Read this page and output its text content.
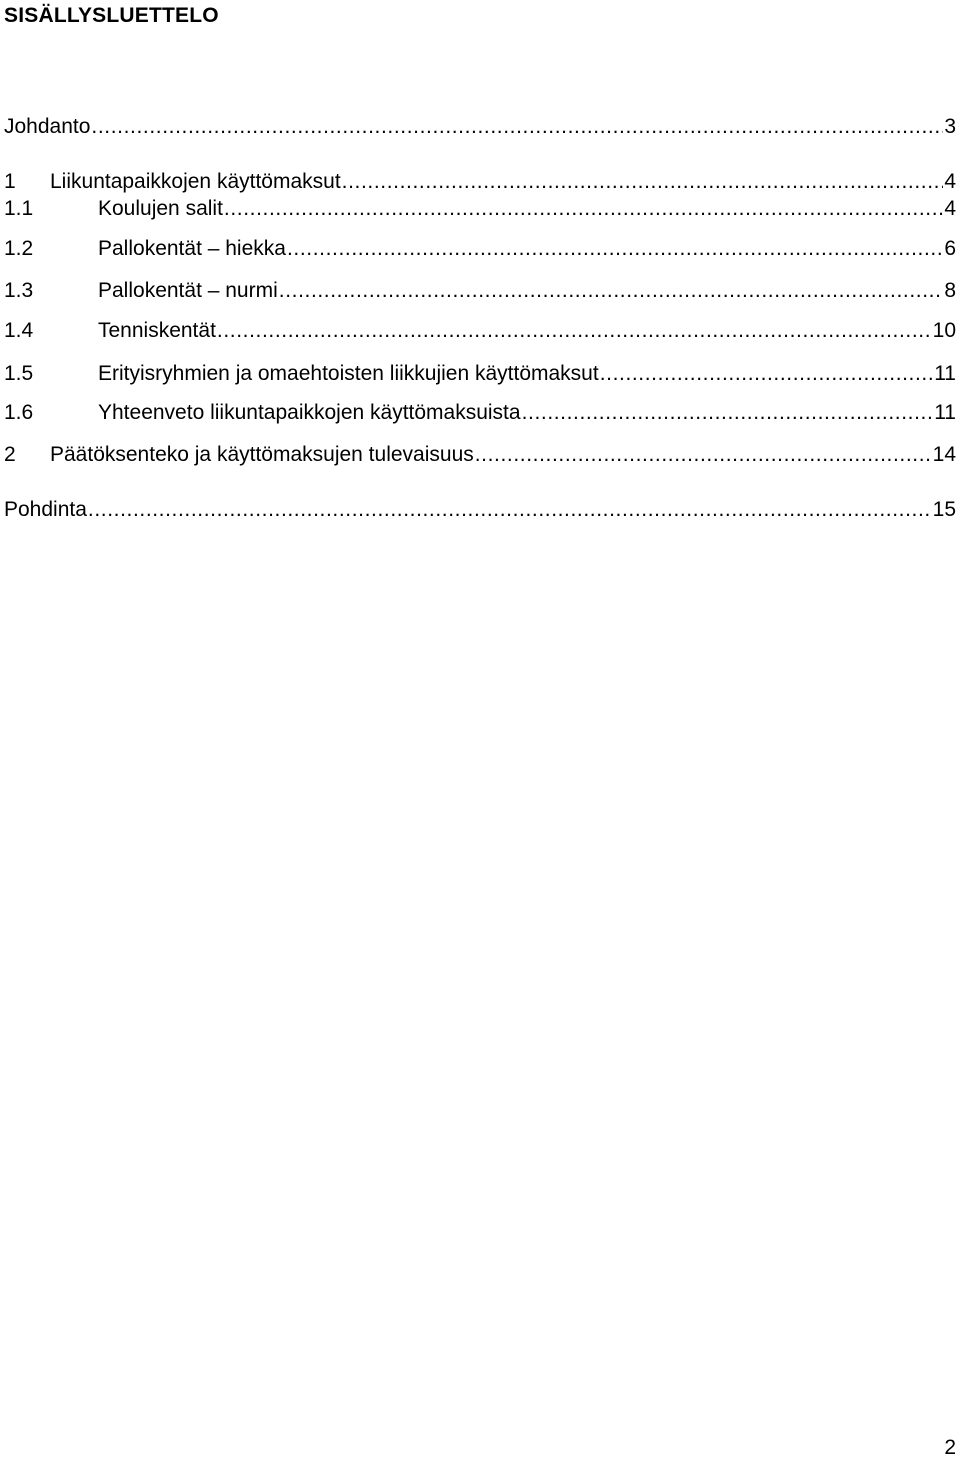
SISÄLLYSLUETTELO
Johdanto .....	3
1	Liikuntapaikkojen käyttömaksut .....	4
1.1	Koulujen salit .....	4
1.2	Pallokentät – hiekka .....	6
1.3	Pallokentät – nurmi .....	8
1.4	Tenniskentät .....	10
1.5	Erityisryhmien ja omaehtoisten liikkujien käyttömaksut .....	11
1.6	Yhteenveto liikuntapaikkojen käyttömaksuista .....	11
2	Päätöksenteko ja käyttömaksujen tulevaisuus .....	14
Pohdinta .....	15
2
